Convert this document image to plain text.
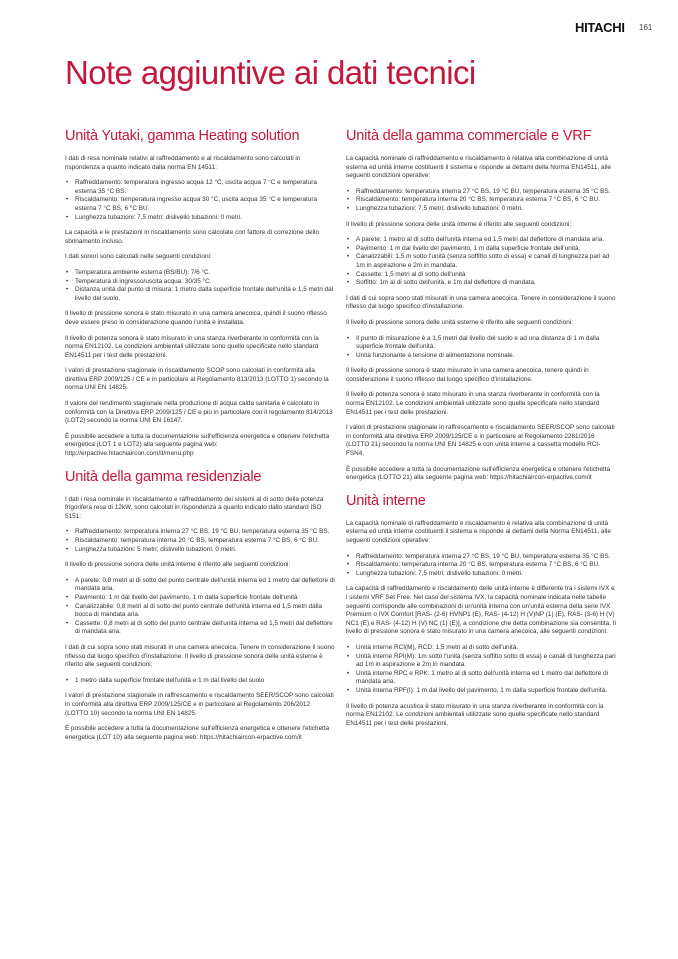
HITACHI 161
Note aggiuntive ai dati tecnici
Unità Yutaki, gamma Heating solution

I dati di resa nominale relativi al raffreddamento e al riscaldamento sono calcolati in rispondenza a quanto indicato dalla norma EN 14511:

• Raffreddamento: temperatura ingresso acqua 12 °C, uscita acqua 7 °C e temperatura esterna 35 °C BS.
• Riscaldamento: temperatura ingresso acqua 30 °C, uscita acqua 35 °C e temperatura esterna 7 °C BS, 6 °C BU.
• Lunghezza tubazioni: 7,5 metri; dislivello tubazioni: 0 metri.

La capacità e le prestazioni in riscaldamento sono calcolate con fattore di correzione dello sbrinamento incluso.

I dati sonori sono calcolati nelle seguenti condizioni:

• Temperatura ambiente esterna (BS/BU): 7/6 °C.
• Temperatura di ingresso/uscita acqua: 30/35 °C.
• Distanza unità dal punto di misura: 1 metro dalla superficie frontale dell'unità e 1,5 metri dal livello del suolo.

Il livello di pressione sonora è stato misurato in una camera anecoica, quindi il suono riflesso deve essere preso in considerazione quando l'unità è installata.

Il livello di potenza sonora è stato misurato in una stanza riverberante in conformità con la norma EN12102. Le condizioni ambientali utilizzate sono quelle specificate nello standard EN14511 per i test delle prestazioni.

I valori di prestazione stagionale in riscaldamento SCOP sono calcolati in conformità alla direttiva ERP 2009/125 / CE e in particolare al Regolamento 813/2013 (LOTTO 1) secondo la norma UNI EN 14825.

Il valore del rendimento stagionale nella produzione di acqua calda sanitaria è calcolato in conformità con la Direttiva ERP 2009/125 / CE e più in particolare con il regolamento 814/2013 (LOT2) secondo la norma UNI EN 16147.

È possibile accedere a tutta la documentazione sull'efficienza energetica e ottenere l'etichetta energetica (LOT 1 e LOT2) alla seguente pagina web: http://erpactive.hitachiaircon.com/it/menu.php

Unità della gamma residenziale

I dati i resa nominale in riscaldamento e raffreddamento dei sistemi al di sotto della potenza frigorifera resa di 12kW, sono calcolati in rispondenza a quanto indicato dallo standard ISO 5151:

• Raffreddamento: temperatura interna 27 °C BS, 19 °C BU, temperatura esterna 35 °C BS.
• Riscaldamento: temperatura interna 20 °C BS, temperatura esterna 7 °C BS, 6 °C BU.
• Lunghezza tubazioni: 5 metri; dislivello tubazioni: 0 metri.

Il livello di pressione sonora delle unità interne è riferito alle seguenti condizioni:

• A parete: 0,8 metri al di sotto del punto centrale dell'unità interna ed 1 metro dal deflettore di mandata aria.
• Pavimento: 1 m dal livello del pavimento, 1 m dalla superficie frontale dell'unità
• Canalizzabile: 0,8 metri al di sotto del punto centrale dell'unità interna ed 1,5 metri dalla bocca di mandata aria.
• Cassette: 0,8 metri al di sotto del punto centrale dell'unità interna ed 1,5 metri dal deflettore di mandata aria.

I dati di cui sopra sono stati misurati in una camera anecoica. Tenere in considerazione il suono riflesso dal luogo specifico d'installazione. Il livello di pressione sonora delle unità esterne è riferito alle seguenti condizioni:

• 1 metro dalla superficie frontale dell'unità e 1 m dal livello del suolo

I valori di prestazione stagionale in raffrescamento e riscaldamento SEER/SCOP sono calcolati in conformità alla direttiva ERP 2009/125/CE e in particolare al Regolamento 206/2012 (LOTTO 10) secondo la norma UNI EN 14825.

È possibile accedere a tutta la documentazione sull'efficienza energetica e ottenere l'etichetta energetica (LOT 10) alla seguente pagina web: https://hitachiaircon-erpactive.com/it

Unità della gamma commerciale e VRF

La capacità nominale di raffreddamento e riscaldamento è relativa alla combinazione di unità esterna ed unità interne costituenti il sistema e risponde ai dettami della Norma EN14511, alle seguenti condizioni operative:

• Raffreddamento: temperatura interna 27 °C BS, 19 °C BU, temperatura esterna 35 °C BS.
• Riscaldamento: temperatura interna 20 °C BS, temperatura esterna 7 °C BS, 6 °C BU.
• Lunghezza tubazioni: 7,5 metri; dislivello tubazioni: 0 metri.

Il livello di pressione sonora delle unità interne è riferito alle seguenti condizioni:

• A parete: 1 metro al di sotto dell'unità interna ed 1,5 metri dal deflettore di mandata aria.
• Pavimento: 1 m dal livello del pavimento, 1 m dalla superficie frontale dell'unità.
• Canalizzabili: 1,5 m sotto l'unità (senza soffitto sotto di essa) e canali di lunghezza pari ad 1m in aspirazione e 2m in mandata.
• Cassette: 1,5 metri al di sotto dell'unità
• Soffitto: 1m al di sotto dell'unità, e 1m dal deflettore di mandata.

I dati di cui sopra sono stati misurati in una camera anecoica. Tenere in considerazione il suono riflesso dal luogo specifico d'installazione.

Il livello di pressione sonora delle unità esterne è riferito alle seguenti condizioni:

• Il punto di misurazione è a 1,5 metri dal livello del suolo e ad una distanza di 1 m dalla superficie frontale dell'unità.
• Unità funzionante a tensione di alimentazione nominale.

Il livello di pressione sonora è stato misurato in una camera anecoica, tenere quindi in considerazione il suono riflesso dal luogo specifico d'installazione.

Il livello di potenza sonora è stato misurato in una stanza riverberante in conformità con la norma EN12102. Le condizioni ambientali utilizzate sono quelle specificate nello standard EN14511 per i test delle prestazioni.

I valori di prestazione stagionale in raffrescamento e riscaldamento SEER/SCOP sono calcolati in conformità alla direttiva ERP 2009/125/CE e in particolare al Regolamento 2281/2016 (LOTTO 21) secondo la norma UNI EN 14825 e con unità interne a cassetta modello RCI-FSN4.

È possibile accedere a tutta la documentazione sull'efficienza energetica e ottenere l'etichetta energetica (LOTTO 21) alla seguente pagina web: https://hitachiaircon-erpactive.com/it

Unità interne

La capacità nominale di raffreddamento e riscaldamento è relativa alla combinazione di unità esterna ed unità interne costituenti il sistema e risponde ai dettami della Norma EN14511, alle seguenti condizioni operative:

• Raffreddamento: temperatura interna 27 °C BS, 19 °C BU, temperatura esterna 35 °C BS.
• Riscaldamento: temperatura interna 20 °C BS, temperatura esterna 7 °C BS, 6 °C BU.
• Lunghezza tubazioni: 7,5 metri; dislivello tubazioni: 0 metri.

La capacità di raffreddamento e riscaldamento delle unità interne è differente tra i sistemi IVX e i sistemi VRF Set Free. Nel caso del sistema IVX, la capacità nominale indicata nelle tabelle seguenti corrisponde alle combinazioni di un'unità interna con un'unità esterna della serie IVX Premium o IVX Comfort [RAS- (2-6) HVNP1 (E), RAS- (4-12) H (V)NP (1) (E), RAS- (3-6) H (V) NC1 (E) e RAS- (4-12) H (V) NC (1) (E)], a condizione che detta combinazione sia consentita. Il livello di pressione sonora è stato misurato in una camera anecoica, alle seguenti condizioni:

• Unità interne RCI(M), RCD: 1,5 metri al di sotto dell'unità.
• Unità interne RPI(M): 1m sotto l'unità (senza soffitto sotto di essa) e canali di lunghezza pari ad 1m in aspirazione e 2m in mandata.
• Unità interne RPC e RPK: 1 metro al di sotto dell'unità interna ed 1 metro dal deflettore di mandata aria.
• Unità interna RPF(I): 1 m dal livello del pavimento, 1 m dalla superficie frontale dell'unità.

Il livello di potenza acustica è stato misurato in una stanza riverberante in conformità con la norma EN12102. Le condizioni ambientali utilizzate sono quelle specificate nello standard EN14511 per i test delle prestazioni.
